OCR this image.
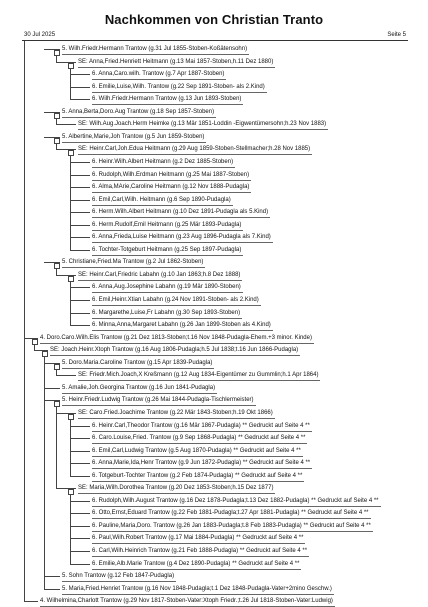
Nachkommen von Christian Tranto
30 Jul 2025	Seite 5
5. Wilh.Friedr.Hermann Trantow (g.31 Jul 1855-Stoben-Koßätensohn)
SE: Anna,Fried.Henriett Heitmann (g.13 Mai 1857-Stoben,h.11 Dez 1880)
6. Anna,Caro.wilh. Trantow (g.7 Apr 1887-Stoben)
6. Emilie,Luise,Wilh. Trantow (g.22 Sep 1891-Stoben- als 2.Kind)
6. Wilh.Friedr.Hermann Trantow (g.13 Jun 1893-Stoben)
5. Anna,Berta,Doro.Aug Trantow (g.18 Sep 1857-Stoben)
SE: Wilh.Aug.Joach.Herm Heimke (g.13 Mär 1851-Loddin -Eigwentümersohn;h.23 Nov 1883)
5. Albertine,Marie,Joh Trantow (g.5 Jun 1859-Stoben)
SE: Heinr.Carl,Joh.Edua Heitmann (g.29 Aug 1859-Stoben-Stellmacher;h.28 Nov 1885)
6. Heinr.Wilh.Albert Heitmann (g.2 Dez 1885-Stoben)
6. Rudolph,Wilh.Erdman Heitmann (g.25 Mai 1887-Stoben)
6. Alma,MArie,Caroline Heitmann (g.12 Nov 1888-Pudagla)
6. Emil,Carl,Wilh. Heitmann (g.6 Sep 1890-Pudagla)
6. Herm.Wilh.Albert Heitmann (g.10 Dez 1891-Pudagla als 5.Kind)
6. Herm.Rudolf,Emil Heitmann (g.25 Mär 1893-Pudagla)
6. Anna,Frieda,Luise Heitmann (g.23 Aug 1896-Pudagla als 7.Kind)
6. Tochter-Totgeburt Heitmann (g.25 Sep 1897-Pudagla)
5. Christiane,Fried.Ma Trantow (g.2 Jul 1862-Stoben)
SE: Heinr.Carl,Friedric Labahn (g.10 Jan 1863;h.8 Dez 1888)
6. Anna,Aug.Josephine Labahn (g.19 Mär 1890-Stoben)
6. Emil,Heinr.Xtian Labahn (g.24 Nov 1891-Stoben- als 2.Kind)
6. Margarethe,Luise,Fr Labahn (g.30 Sep 1893-Stoben)
6. Minna,Anna,Margaret Labahn (g.26 Jan 1899-Stoben als 4.Kind)
4. Doro.Caro.Wilh.Elis Trantow (g.21 Dez 1813-Stoben;t.16 Nov 1848-Pudagla-Ehem.+3 minor. Kinde)
SE: Joach.Heinr.Xtoph Trantow (g.16 Aug 1806-Pudagla;h.5 Jul 1838;t.16 Jun 1866-Pudagla)
5. Doro.Maria.Caroline Trantow (g.15 Apr 1839-Pudagla)
SE: Friedr.Mich.Joach,X Kreßmann (g.12 Aug 1834-Eigentümer zu Gummlin;h.1 Apr 1864)
5. Amalie,Joh.Georgina Trantow (g.16 Jun 1841-Pudagla)
5. Heinr.Friedr.Ludwig Trantow (g.26 Mai 1844-Pudagla-Tischlermeister)
SE: Caro.Fried.Joachime Trantow (g.22 Mär 1843-Stoben;h.19 Okt 1866)
6. Heinr.Carl,Theodor Trantow (g.16 Mär 1867-Pudagla) ** Gedruckt auf Seite 4 **
6. Caro.Louise,Fried. Trantow (g.9 Sep 1868-Pudagla) ** Gedruckt auf Seite 4 **
6. Emil,Carl,Ludwig Trantow (g.5 Aug 1870-Pudagla) ** Gedruckt auf Seite 4 **
6. Anna,Marie,Ida,Henr Trantow (g.9 Jun 1872-Pudagla) ** Gedruckt auf Seite 4 **
6. Totgeburt-Tochter Trantow (g.2 Feb 1874-Pudagla) ** Gedruckt auf Seite 4 **
SE: Maria,Wilh.Dorothea Trantow (g.20 Dez 1853-Stoben;h.15 Dez 1877)
6. Rudolph,Wilh.August Trantow (g.16 Dez 1878-Pudagla;t.13 Dez 1882-Pudagla) ** Gedruckt auf Seite 4 **
6. Otto,Ernst,Eduard Trantow (g.22 Feb 1881-Pudagla;t.27 Apr 1881-Pudagla) ** Gedruckt auf Seite 4 **
6. Pauline,Maria,Doro. Trantow (g.26 Jan 1883-Pudagla;t.8 Feb 1883-Pudagla) ** Gedruckt auf Seite 4 **
6. Paul,Wilh.Robert Trantow (g.17 Mai 1884-Pudagla) ** Gedruckt auf Seite 4 **
6. Carl,Wilh.Heinrich Trantow (g.21 Feb 1888-Pudagla) ** Gedruckt auf Seite 4 **
6. Emilie,Alb.Marie Trantow (g.4 Dez 1890-Pudagla) ** Gedruckt auf Seite 4 **
5. Sohn Trantow (g.12 Feb 1847-Pudagla)
5. Maria,Fried.Henriet Trantow (g.16 Nov 1848-Pudagla;t.1 Dez 1848-Pudagla-Vater+2mino Geschw.)
4. Wilhelmina,Charlott Trantow (g.29 Nov 1817-Stoben-Vater:Xtoph Friedr.;t.26 Jul 1818-Stoben-Vater:Ludwig)
